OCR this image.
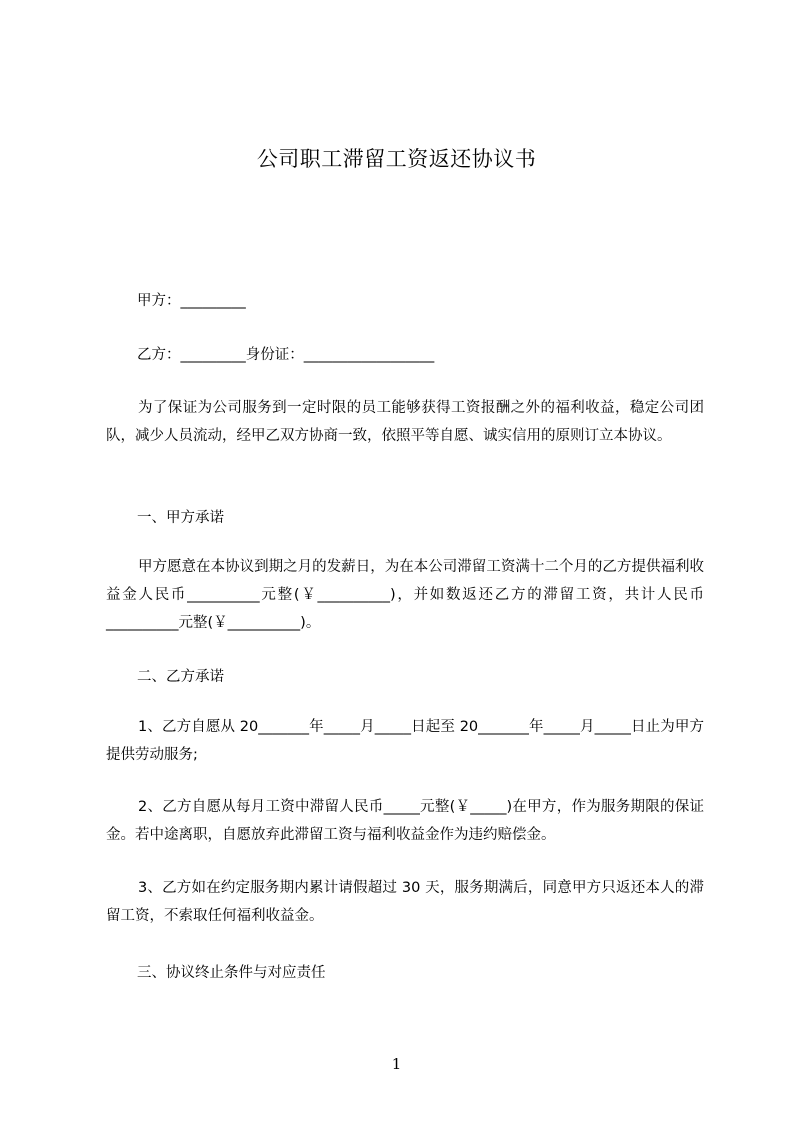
公司职工滞留工资返还协议书
甲方：_________
乙方：_________身份证：__________________
为了保证为公司服务到一定时限的员工能够获得工资报酬之外的福利收益，稳定公司团队，减少人员流动，经甲乙双方协商一致，依照平等自愿、诚实信用的原则订立本协议。
一、甲方承诺
甲方愿意在本协议到期之月的发薪日，为在本公司滞留工资满十二个月的乙方提供福利收益金人民币__________元整(￥__________)，并如数返还乙方的滞留工资，共计人民币__________元整(￥__________)。
二、乙方承诺
1、乙方自愿从 20_______年_____月_____日起至 20_______年_____月_____日止为甲方提供劳动服务;
2、乙方自愿从每月工资中滞留人民币_____元整(￥_____)在甲方，作为服务期限的保证金。若中途离职，自愿放弃此滞留工资与福利收益金作为违约赔偿金。
3、乙方如在约定服务期内累计请假超过 30 天，服务期满后，同意甲方只返还本人的滞留工资，不索取任何福利收益金。
三、协议终止条件与对应责任
1
